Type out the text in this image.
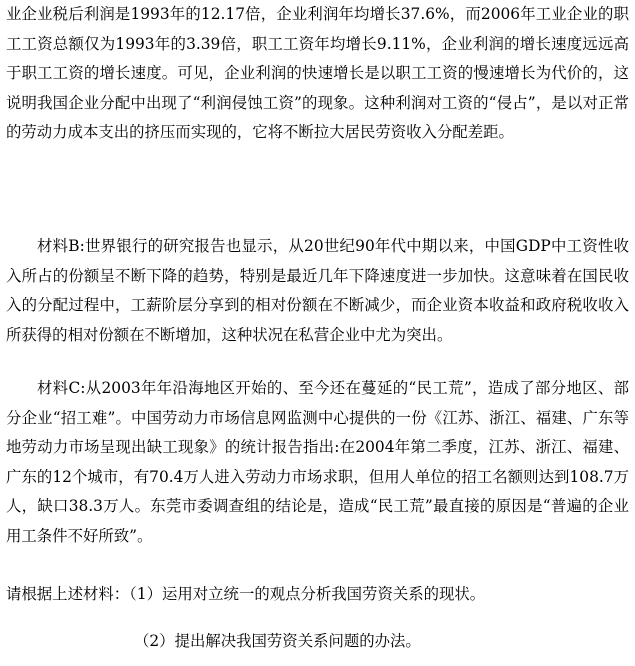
业企业税后利润是1993年的12.17倍，企业利润年均增长37.6%，而2006年工业企业的职工工资总额仅为1993年的3.39倍，职工工资年均增长9.11%，企业利润的增长速度远远高于职工工资的增长速度。可见，企业利润的快速增长是以职工工资的慢速增长为代价的，这说明我国企业分配中出现了“利润侵蚀工资”的现象。这种利润对工资的“侵占”，是以对正常的劳动力成本支出的挤压而实现的，它将不断拉大居民劳资收入分配差距。

材料B:世界银行的研究报告也显示，从20世纪90年代中期以来，中国GDP中工资性收入所占的份额呈不断下降的趋势，特别是最近几年下降速度进一步加快。这意味着在国民收入的分配过程中，工薪阶层分享到的相对份额在不断减少，而企业资本收益和政府税收收入所获得的相对份额在不断增加，这种状况在私营企业中尤为突出。

材料C:从2003年年沿海地区开始的、至今还在蔓延的“民工荒”，造成了部分地区、部分企业“招工难”。中国劳动力市场信息网监测中心提供的一份《江苏、浙江、福建、广东等地劳动力市场呈现出缺工现象》的统计报告指出:在2004年第二季度，江苏、浙江、福建、广东的12个城市，有70.4万人进入劳动力市场求职，但用人单位的招工名额则达到108.7万人，缺口38.3万人。东莞市委调查组的结论是，造成“民工荒”最直接的原因是“普遍的企业用工条件不好所致”。

请根据上述材料：（1）运用对立统一的观点分析我国劳资关系的现状。
（2）提出解决我国劳资关系问题的办法。
